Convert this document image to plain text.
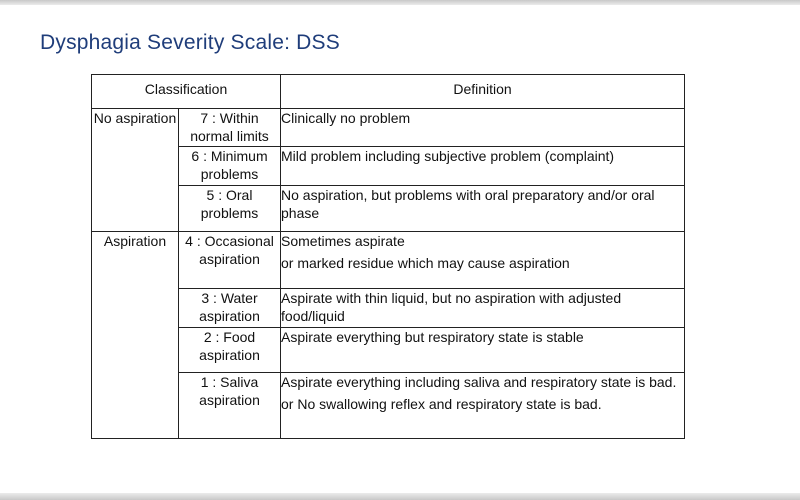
Dysphagia Severity Scale: DSS
Classification		Definition
No aspiration	7 : Within normal limits	Clinically no problem

	6 : Minimum problems	Mild problem including subjective problem (complaint)

	5 : Oral problems	No aspiration, but problems with oral preparatory and/or oral phase

Aspiration	4 : Occasional aspiration	Sometimes aspirate
or marked residue which may cause aspiration

	3 : Water aspiration	Aspirate with thin liquid, but no aspiration with adjusted food/liquid

	2 : Food aspiration	Aspirate everything but respiratory state is stable

	1 : Saliva aspiration	Aspirate everything including saliva and respiratory state is bad.
or No swallowing reflex and respiratory state is bad.
